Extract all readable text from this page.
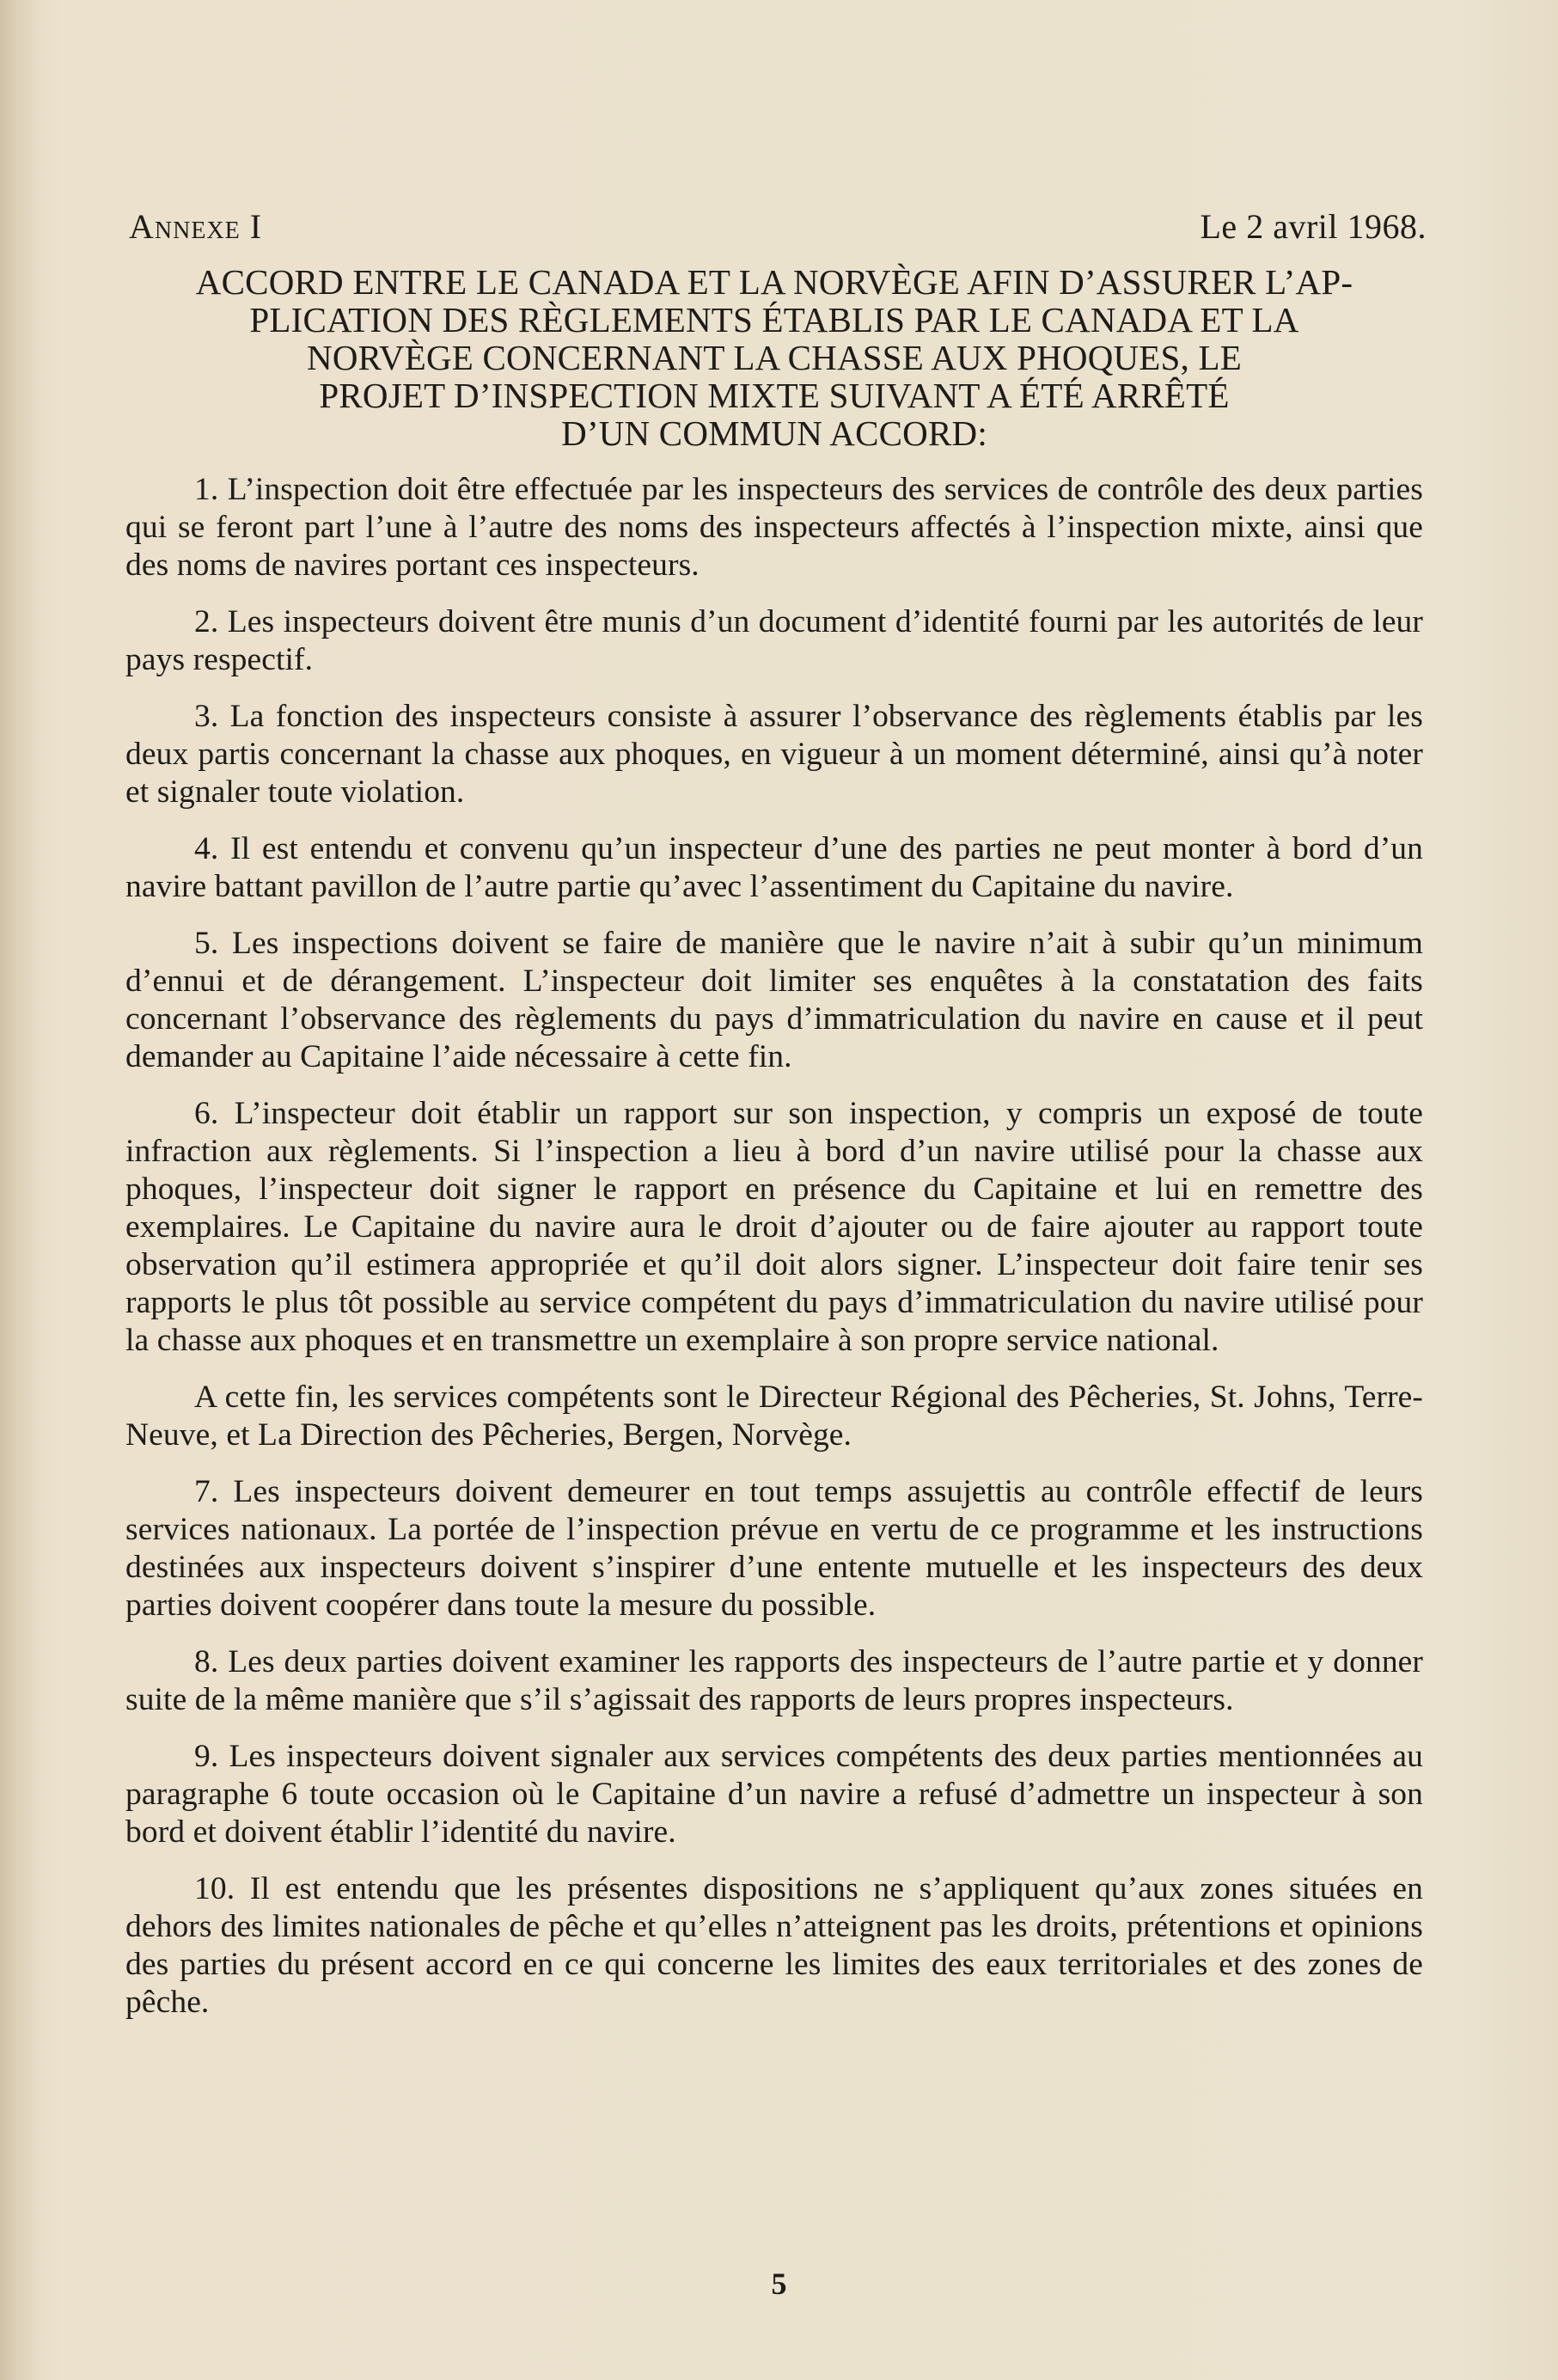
Annexe I	Le 2 avril 1968.
ACCORD ENTRE LE CANADA ET LA NORVÈGE AFIN D’ASSURER L’AP-
PLICATION DES RÈGLEMENTS ÉTABLIS PAR LE CANADA ET LA
NORVÈGE CONCERNANT LA CHASSE AUX PHOQUES, LE
PROJET D’INSPECTION MIXTE SUIVANT A ÉTÉ ARRÊTÉ
D’UN COMMUN ACCORD:

1. L’inspection doit être effectuée par les inspecteurs des services de contrôle des deux parties qui se feront part l’une à l’autre des noms des inspecteurs affectés à l’inspection mixte, ainsi que des noms de navires portant ces inspecteurs.

2. Les inspecteurs doivent être munis d’un document d’identité fourni par les autorités de leur pays respectif.

3. La fonction des inspecteurs consiste à assurer l’observance des règlements établis par les deux partis concernant la chasse aux phoques, en vigueur à un moment déterminé, ainsi qu’à noter et signaler toute violation.

4. Il est entendu et convenu qu’un inspecteur d’une des parties ne peut monter à bord d’un navire battant pavillon de l’autre partie qu’avec l’assentiment du Capitaine du navire.

5. Les inspections doivent se faire de manière que le navire n’ait à subir qu’un minimum d’ennui et de dérangement. L’inspecteur doit limiter ses enquêtes à la constatation des faits concernant l’observance des règlements du pays d’immatriculation du navire en cause et il peut demander au Capitaine l’aide nécessaire à cette fin.

6. L’inspecteur doit établir un rapport sur son inspection, y compris un exposé de toute infraction aux règlements. Si l’inspection a lieu à bord d’un navire utilisé pour la chasse aux phoques, l’inspecteur doit signer le rapport en présence du Capitaine et lui en remettre des exemplaires. Le Capitaine du navire aura le droit d’ajouter ou de faire ajouter au rapport toute observation qu’il estimera appropriée et qu’il doit alors signer. L’inspecteur doit faire tenir ses rapports le plus tôt possible au service compétent du pays d’immatriculation du navire utilisé pour la chasse aux phoques et en transmettre un exemplaire à son propre service national.

A cette fin, les services compétents sont le Directeur Régional des Pêcheries, St. Johns, Terre-Neuve, et La Direction des Pêcheries, Bergen, Norvège.

7. Les inspecteurs doivent demeurer en tout temps assujettis au contrôle effectif de leurs services nationaux. La portée de l’inspection prévue en vertu de ce programme et les instructions destinées aux inspecteurs doivent s’inspirer d’une entente mutuelle et les inspecteurs des deux parties doivent coopérer dans toute la mesure du possible.

8. Les deux parties doivent examiner les rapports des inspecteurs de l’autre partie et y donner suite de la même manière que s’il s’agissait des rapports de leurs propres inspecteurs.

9. Les inspecteurs doivent signaler aux services compétents des deux parties mentionnées au paragraphe 6 toute occasion où le Capitaine d’un navire a refusé d’admettre un inspecteur à son bord et doivent établir l’identité du navire.

10. Il est entendu que les présentes dispositions ne s’appliquent qu’aux zones situées en dehors des limites nationales de pêche et qu’elles n’atteignent pas les droits, prétentions et opinions des parties du présent accord en ce qui concerne les limites des eaux territoriales et des zones de pêche.

5
